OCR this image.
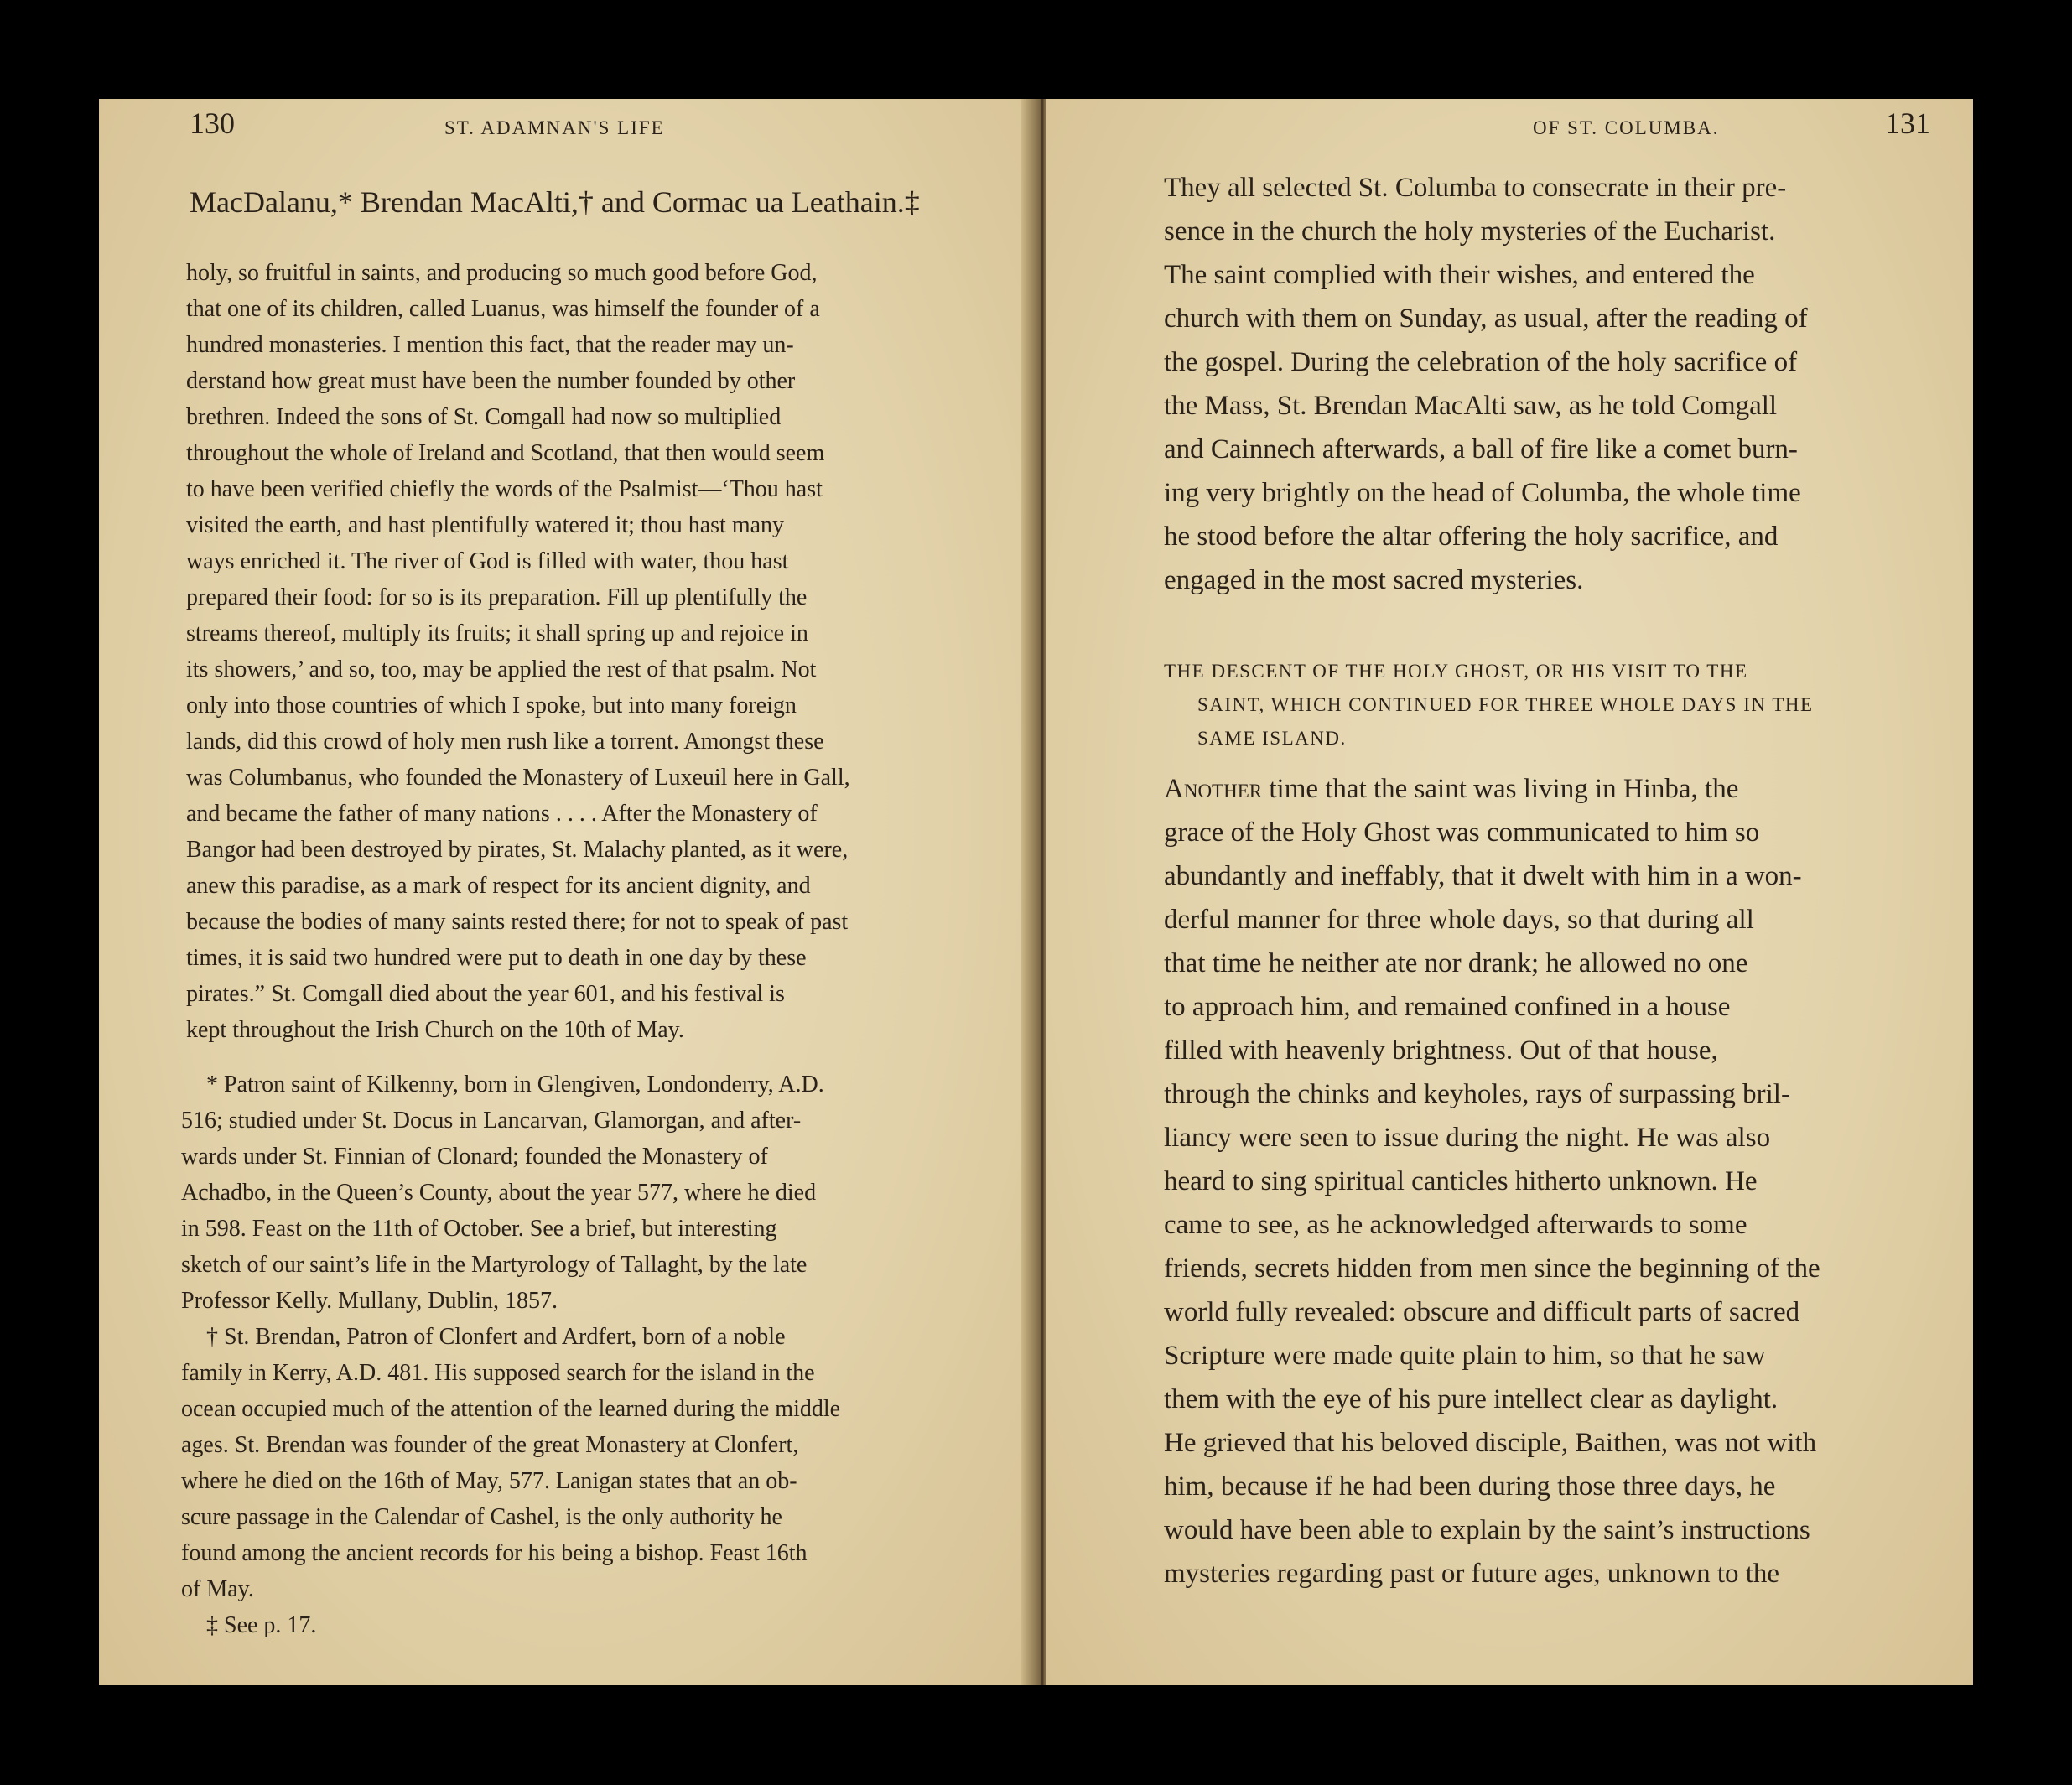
130	ST. ADAMNAN'S LIFE
MacDalanu,* Brendan MacAlti,† and Cormac ua Leathain.‡
holy, so fruitful in saints, and producing so much good before God,
that one of its children, called Luanus, was himself the founder of a
hundred monasteries. I mention this fact, that the reader may un-
derstand how great must have been the number founded by other
brethren. Indeed the sons of St. Comgall had now so multiplied
throughout the whole of Ireland and Scotland, that then would seem
to have been verified chiefly the words of the Psalmist—‘Thou hast
visited the earth, and hast plentifully watered it; thou hast many
ways enriched it. The river of God is filled with water, thou hast
prepared their food: for so is its preparation. Fill up plentifully the
streams thereof, multiply its fruits; it shall spring up and rejoice in
its showers,’ and so, too, may be applied the rest of that psalm. Not
only into those countries of which I spoke, but into many foreign
lands, did this crowd of holy men rush like a torrent. Amongst these
was Columbanus, who founded the Monastery of Luxeuil here in Gall,
and became the father of many nations . . . . After the Monastery of
Bangor had been destroyed by pirates, St. Malachy planted, as it were,
anew this paradise, as a mark of respect for its ancient dignity, and
because the bodies of many saints rested there; for not to speak of past
times, it is said two hundred were put to death in one day by these
pirates.” St. Comgall died about the year 601, and his festival is
kept throughout the Irish Church on the 10th of May.
* Patron saint of Kilkenny, born in Glengiven, Londonderry, A.D.
516; studied under St. Docus in Lancarvan, Glamorgan, and after-
wards under St. Finnian of Clonard; founded the Monastery of
Achadbo, in the Queen’s County, about the year 577, where he died
in 598. Feast on the 11th of October. See a brief, but interesting
sketch of our saint’s life in the Martyrology of Tallaght, by the late
Professor Kelly. Mullany, Dublin, 1857.
† St. Brendan, Patron of Clonfert and Ardfert, born of a noble
family in Kerry, A.D. 481. His supposed search for the island in the
ocean occupied much of the attention of the learned during the middle
ages. St. Brendan was founder of the great Monastery at Clonfert,
where he died on the 16th of May, 577. Lanigan states that an ob-
scure passage in the Calendar of Cashel, is the only authority he
found among the ancient records for his being a bishop. Feast 16th
of May.
‡ See p. 17.
OF ST. COLUMBA.	131
They all selected St. Columba to consecrate in their pre-
sence in the church the holy mysteries of the Eucharist.
The saint complied with their wishes, and entered the
church with them on Sunday, as usual, after the reading of
the gospel. During the celebration of the holy sacrifice of
the Mass, St. Brendan MacAlti saw, as he told Comgall
and Cainnech afterwards, a ball of fire like a comet burn-
ing very brightly on the head of Columba, the whole time
he stood before the altar offering the holy sacrifice, and
engaged in the most sacred mysteries.
THE DESCENT OF THE HOLY GHOST, OR HIS VISIT TO THE
SAINT, WHICH CONTINUED FOR THREE WHOLE DAYS IN THE
SAME ISLAND.
Another time that the saint was living in Hinba, the
grace of the Holy Ghost was communicated to him so
abundantly and ineffably, that it dwelt with him in a won-
derful manner for three whole days, so that during all
that time he neither ate nor drank; he allowed no one
to approach him, and remained confined in a house
filled with heavenly brightness. Out of that house,
through the chinks and keyholes, rays of surpassing bril-
liancy were seen to issue during the night. He was also
heard to sing spiritual canticles hitherto unknown. He
came to see, as he acknowledged afterwards to some
friends, secrets hidden from men since the beginning of the
world fully revealed: obscure and difficult parts of sacred
Scripture were made quite plain to him, so that he saw
them with the eye of his pure intellect clear as daylight.
He grieved that his beloved disciple, Baithen, was not with
him, because if he had been during those three days, he
would have been able to explain by the saint’s instructions
mysteries regarding past or future ages, unknown to the
